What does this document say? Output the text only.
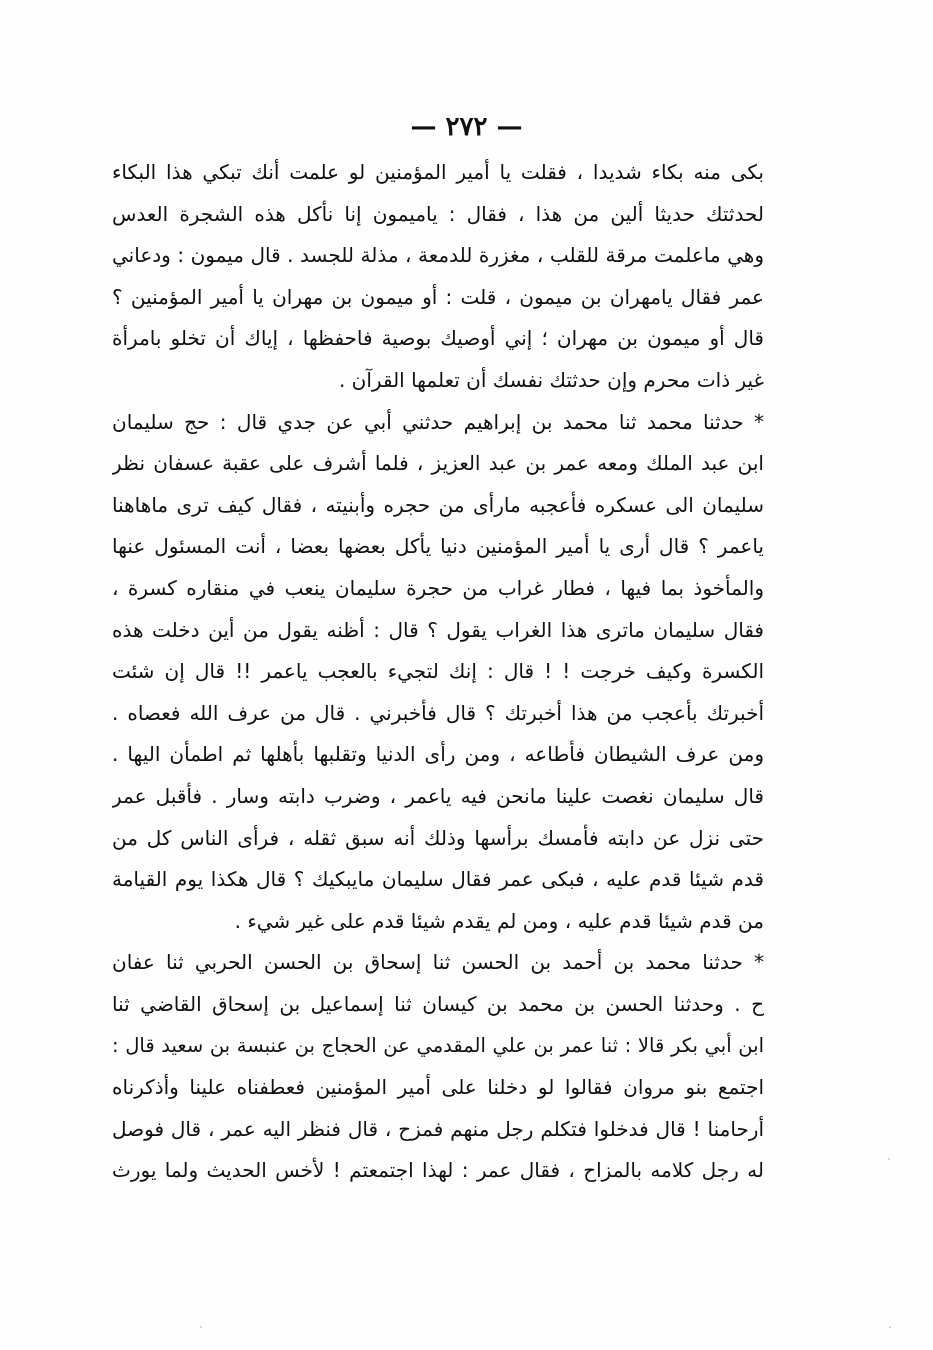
— ٢٧٢ —
بكى منه بكاء شديدا ، فقلت يا أمير المؤمنين لو علمت أنك تبكي هذا البكاء
لحدثتك حديثا ألين من هذا ، فقال : ياميمون إنا نأكل هذه الشجرة العدس
وهي ماعلمت مرقة للقلب ، مغزرة للدمعة ، مذلة للجسد . قال ميمون : ودعاني
عمر فقال يامهران بن ميمون ، قلت : أو ميمون بن مهران يا أمير المؤمنين ؟
قال أو ميمون بن مهران ؛ إني أوصيك بوصية فاحفظها ، إياك أن تخلو بامرأة
غير ذات محرم وإن حدثتك نفسك أن تعلمها القرآن .
* حدثنا محمد ثنا محمد بن إبراهيم حدثني أبي عن جدي قال : حج سليمان
ابن عبد الملك ومعه عمر بن عبد العزيز ، فلما أشرف على عقبة عسفان نظر
سليمان الى عسكره فأعجبه مارأى من حجره وأبنيته ، فقال كيف ترى ماهاهنا
ياعمر ؟ قال أرى يا أمير المؤمنين دنيا يأكل بعضها بعضا ، أنت المسئول عنها
والمأخوذ بما فيها ، فطار غراب من حجرة سليمان ينعب في منقاره كسرة ،
فقال سليمان ماترى هذا الغراب يقول ؟ قال : أظنه يقول من أين دخلت هذه
الكسرة وكيف خرجت ! ! قال : إنك لتجيء بالعجب ياعمر !! قال إن شئت
أخبرتك بأعجب من هذا أخبرتك ؟ قال فأخبرني . قال من عرف الله فعصاه .
ومن عرف الشيطان فأطاعه ، ومن رأى الدنيا وتقلبها بأهلها ثم اطمأن اليها .
قال سليمان نغصت علينا مانحن فيه ياعمر ، وضرب دابته وسار . فأقبل عمر
حتى نزل عن دابته فأمسك برأسها وذلك أنه سبق ثقله ، فرأى الناس كل من
قدم شيئا قدم عليه ، فبكى عمر فقال سليمان مايبكيك ؟ قال هكذا يوم القيامة
من قدم شيئا قدم عليه ، ومن لم يقدم شيئا قدم على غير شيء .
* حدثنا محمد بن أحمد بن الحسن ثنا إسحاق بن الحسن الحربي ثنا عفان
ح . وحدثنا الحسن بن محمد بن كيسان ثنا إسماعيل بن إسحاق القاضي ثنا
ابن أبي بكر قالا : ثنا عمر بن علي المقدمي عن الحجاج بن عنبسة بن سعيد قال :
اجتمع بنو مروان فقالوا لو دخلنا على أمير المؤمنين فعطفناه علينا وأذكرناه
أرحامنا ! قال فدخلوا فتكلم رجل منهم فمزح ، قال فنظر اليه عمر ، قال فوصل
له رجل كلامه بالمزاح ، فقال عمر : لهذا اجتمعتم ! لأخس الحديث ولما يورث
